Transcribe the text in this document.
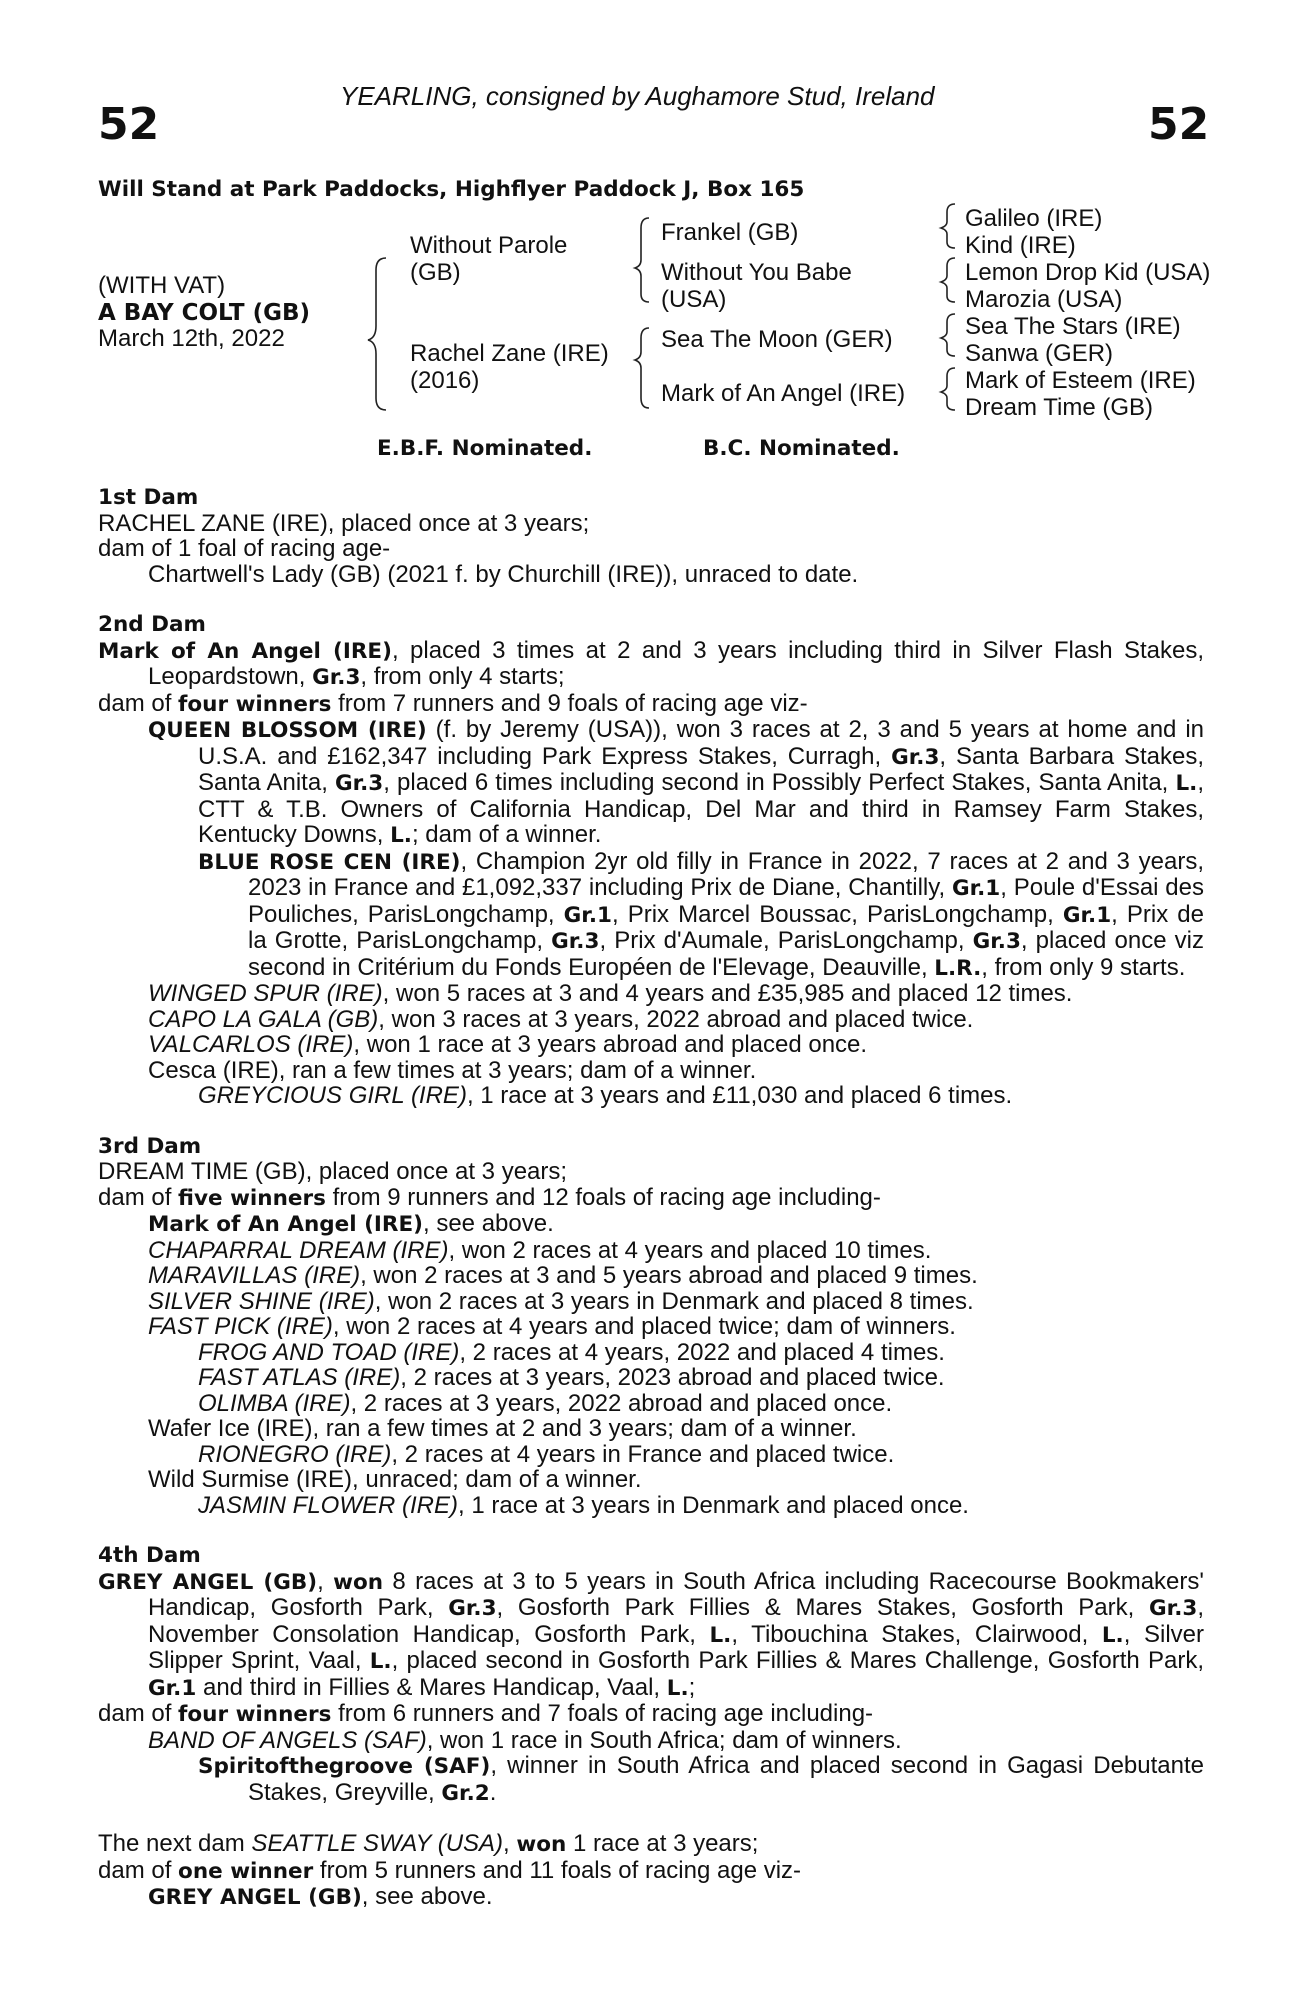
YEARLING, consigned by Aughamore Stud, Ireland
52	52
Will Stand at Park Paddocks, Highflyer Paddock J, Box 165
(WITH VAT)
A BAY COLT (GB)
March 12th, 2022
Without Parole
(GB)
Rachel Zane (IRE)
(2016)
Frankel (GB)
Without You Babe
(USA)
Sea The Moon (GER)
Mark of An Angel (IRE)
Galileo (IRE)
Kind (IRE)
Lemon Drop Kid (USA)
Marozia (USA)
Sea The Stars (IRE)
Sanwa (GER)
Mark of Esteem (IRE)
Dream Time (GB)
E.B.F. Nominated.	B.C. Nominated.
1st Dam
RACHEL ZANE (IRE), placed once at 3 years;
dam of 1 foal of racing age-
Chartwell's Lady (GB) (2021 f. by Churchill (IRE)), unraced to date.
2nd Dam
Mark of An Angel (IRE), placed 3 times at 2 and 3 years including third in Silver Flash Stakes, Leopardstown, Gr.3, from only 4 starts;
dam of four winners from 7 runners and 9 foals of racing age viz-
QUEEN BLOSSOM (IRE) (f. by Jeremy (USA)), won 3 races at 2, 3 and 5 years at home and in U.S.A. and £162,347 including Park Express Stakes, Curragh, Gr.3, Santa Barbara Stakes, Santa Anita, Gr.3, placed 6 times including second in Possibly Perfect Stakes, Santa Anita, L., CTT & T.B. Owners of California Handicap, Del Mar and third in Ramsey Farm Stakes, Kentucky Downs, L.; dam of a winner.
BLUE ROSE CEN (IRE), Champion 2yr old filly in France in 2022, 7 races at 2 and 3 years, 2023 in France and £1,092,337 including Prix de Diane, Chantilly, Gr.1, Poule d'Essai des Pouliches, ParisLongchamp, Gr.1, Prix Marcel Boussac, ParisLongchamp, Gr.1, Prix de la Grotte, ParisLongchamp, Gr.3, Prix d'Aumale, ParisLongchamp, Gr.3, placed once viz second in Critérium du Fonds Européen de l'Elevage, Deauville, L.R., from only 9 starts.
WINGED SPUR (IRE), won 5 races at 3 and 4 years and £35,985 and placed 12 times.
CAPO LA GALA (GB), won 3 races at 3 years, 2022 abroad and placed twice.
VALCARLOS (IRE), won 1 race at 3 years abroad and placed once.
Cesca (IRE), ran a few times at 3 years; dam of a winner.
GREYCIOUS GIRL (IRE), 1 race at 3 years and £11,030 and placed 6 times.
3rd Dam
DREAM TIME (GB), placed once at 3 years;
dam of five winners from 9 runners and 12 foals of racing age including-
Mark of An Angel (IRE), see above.
CHAPARRAL DREAM (IRE), won 2 races at 4 years and placed 10 times.
MARAVILLAS (IRE), won 2 races at 3 and 5 years abroad and placed 9 times.
SILVER SHINE (IRE), won 2 races at 3 years in Denmark and placed 8 times.
FAST PICK (IRE), won 2 races at 4 years and placed twice; dam of winners.
FROG AND TOAD (IRE), 2 races at 4 years, 2022 and placed 4 times.
FAST ATLAS (IRE), 2 races at 3 years, 2023 abroad and placed twice.
OLIMBA (IRE), 2 races at 3 years, 2022 abroad and placed once.
Wafer Ice (IRE), ran a few times at 2 and 3 years; dam of a winner.
RIONEGRO (IRE), 2 races at 4 years in France and placed twice.
Wild Surmise (IRE), unraced; dam of a winner.
JASMIN FLOWER (IRE), 1 race at 3 years in Denmark and placed once.
4th Dam
GREY ANGEL (GB), won 8 races at 3 to 5 years in South Africa including Racecourse Bookmakers' Handicap, Gosforth Park, Gr.3, Gosforth Park Fillies & Mares Stakes, Gosforth Park, Gr.3, November Consolation Handicap, Gosforth Park, L., Tibouchina Stakes, Clairwood, L., Silver Slipper Sprint, Vaal, L., placed second in Gosforth Park Fillies & Mares Challenge, Gosforth Park, Gr.1 and third in Fillies & Mares Handicap, Vaal, L.;
dam of four winners from 6 runners and 7 foals of racing age including-
BAND OF ANGELS (SAF), won 1 race in South Africa; dam of winners.
Spiritofthegroove (SAF), winner in South Africa and placed second in Gagasi Debutante Stakes, Greyville, Gr.2.
The next dam SEATTLE SWAY (USA), won 1 race at 3 years;
dam of one winner from 5 runners and 11 foals of racing age viz-
GREY ANGEL (GB), see above.
